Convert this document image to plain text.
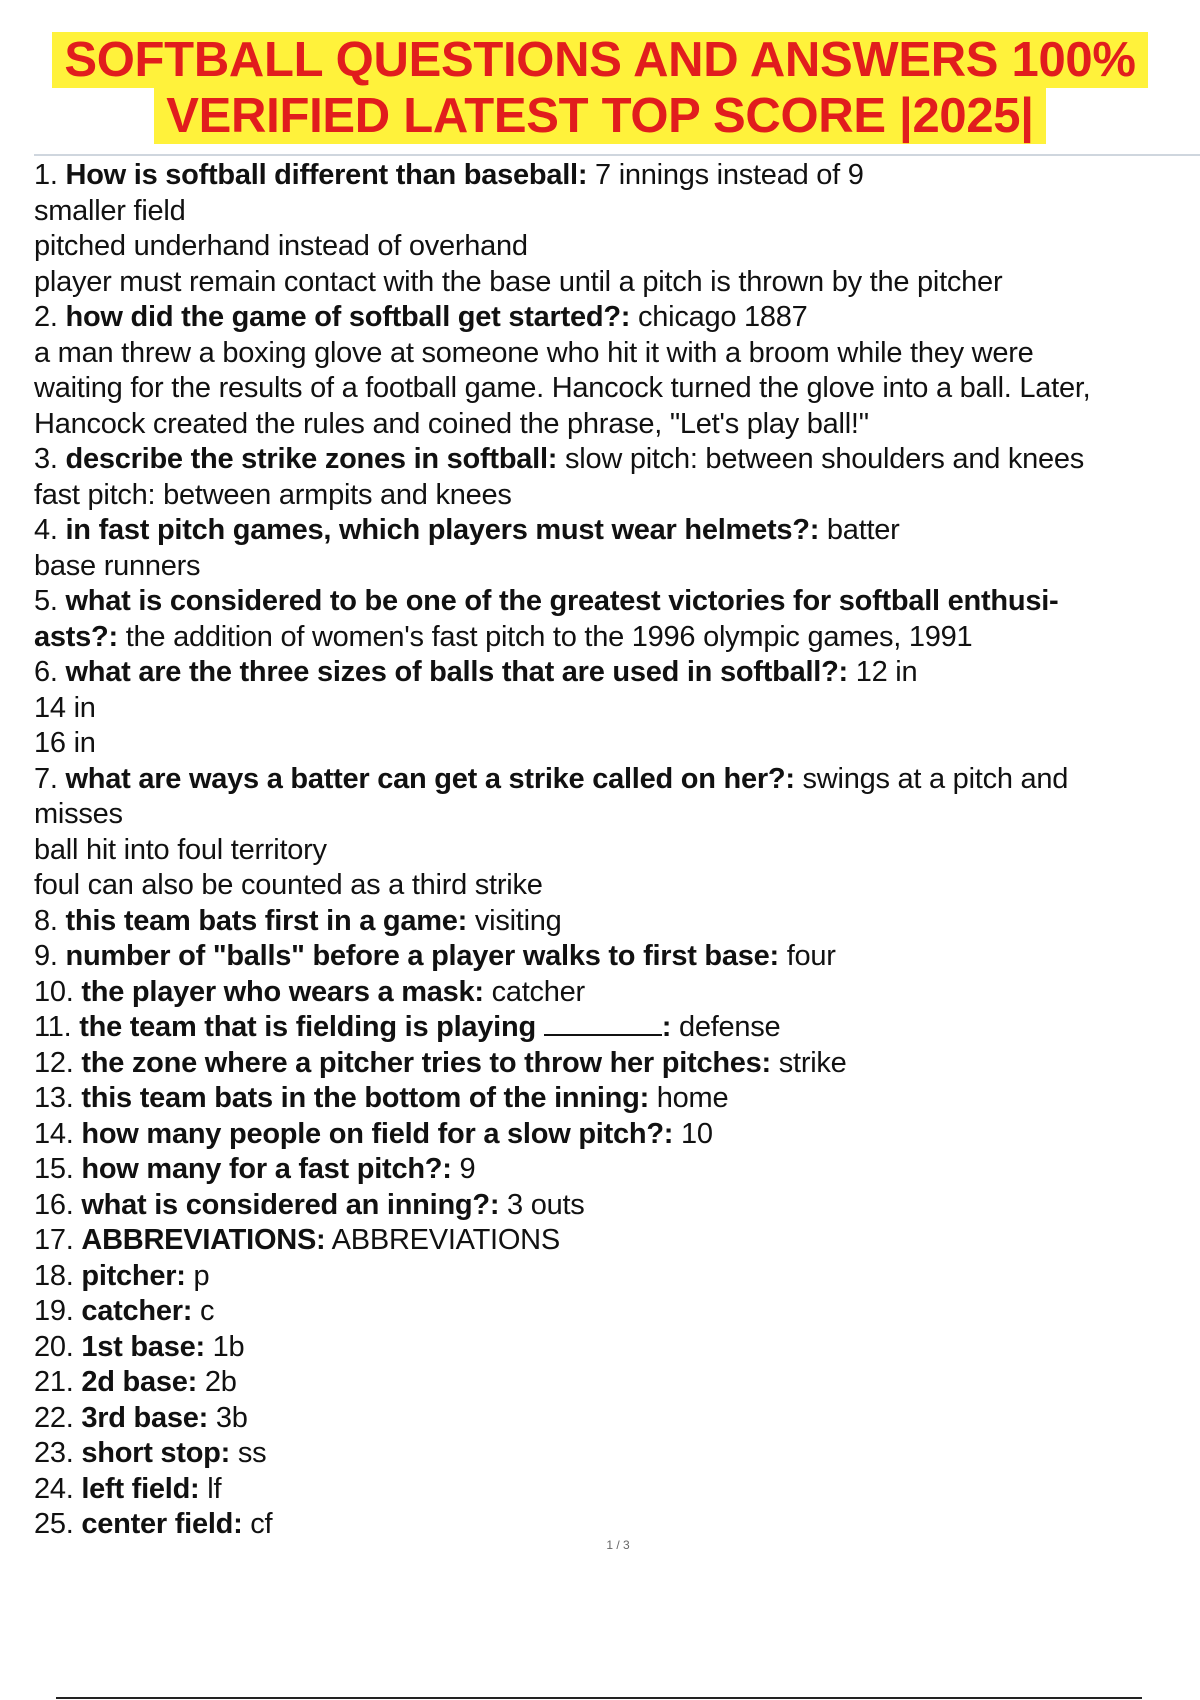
SOFTBALL QUESTIONS AND ANSWERS 100%
VERIFIED LATEST TOP SCORE |2025|
1. How is softball different than baseball: 7 innings instead of 9
smaller field
pitched underhand instead of overhand
player must remain contact with the base until a pitch is thrown by the pitcher
2. how did the game of softball get started?: chicago 1887
a man threw a boxing glove at someone who hit it with a broom while they were
waiting for the results of a football game. Hancock turned the glove into a ball. Later,
Hancock created the rules and coined the phrase, "Let's play ball!"
3. describe the strike zones in softball: slow pitch: between shoulders and knees
fast pitch: between armpits and knees
4. in fast pitch games, which players must wear helmets?: batter
base runners
5. what is considered to be one of the greatest victories for softball enthusi-
asts?: the addition of women's fast pitch to the 1996 olympic games, 1991
6. what are the three sizes of balls that are used in softball?: 12 in
14 in
16 in
7. what are ways a batter can get a strike called on her?: swings at a pitch and
misses
ball hit into foul territory
foul can also be counted as a third strike
8. this team bats first in a game: visiting
9. number of "balls" before a player walks to first base: four
10. the player who wears a mask: catcher
11. the team that is fielding is playing	: defense
12. the zone where a pitcher tries to throw her pitches: strike
13. this team bats in the bottom of the inning: home
14. how many people on field for a slow pitch?: 10
15. how many for a fast pitch?: 9
16. what is considered an inning?: 3 outs
17. ABBREVIATIONS: ABBREVIATIONS
18. pitcher: p
19. catcher: c
20. 1st base: 1b
21. 2d base: 2b
22. 3rd base: 3b
23. short stop: ss
24. left field: lf
25. center field: cf
1 / 3
